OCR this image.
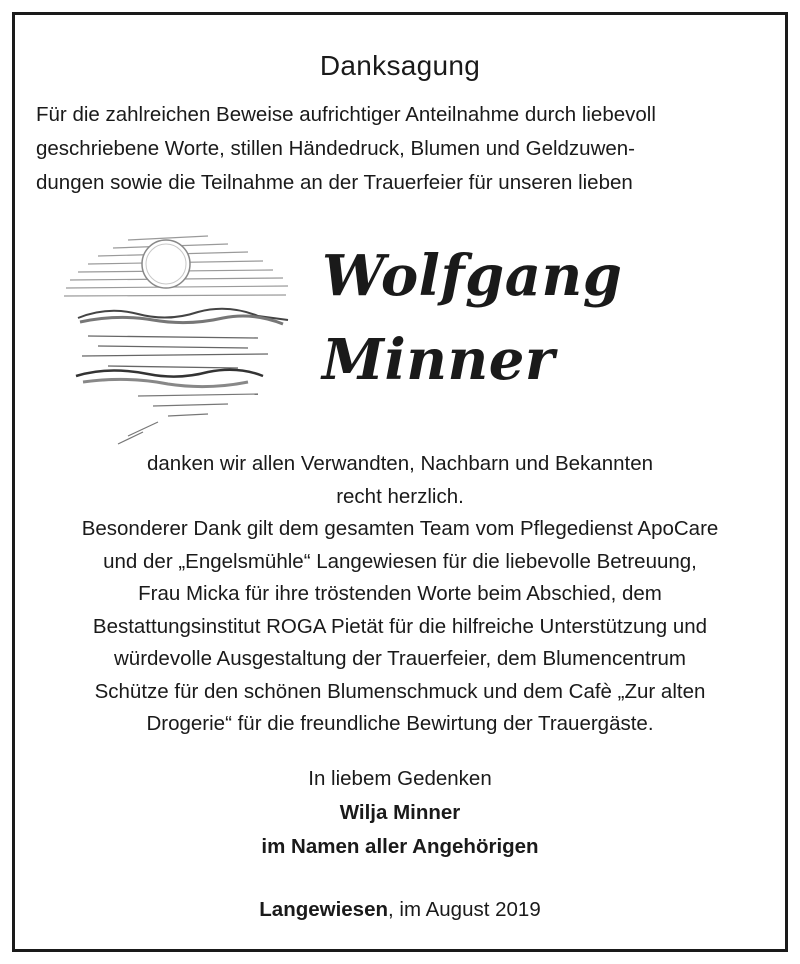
Danksagung
Für die zahlreichen Beweise aufrichtiger Anteilnahme durch liebevoll
geschriebene Worte, stillen Händedruck, Blumen und Geldzuwen-
dungen sowie die Teilnahme an der Trauerfeier für unseren lieben
Wolfgang
Minner
danken wir allen Verwandten, Nachbarn und Bekannten
recht herzlich.
Besonderer Dank gilt dem gesamten Team vom Pflegedienst ApoCare
und der „Engelsmühle“ Langewiesen für die liebevolle Betreuung,
Frau Micka für ihre tröstenden Worte beim Abschied, dem
Bestattungsinstitut ROGA Pietät für die hilfreiche Unterstützung und
würdevolle Ausgestaltung der Trauerfeier, dem Blumencentrum
Schütze für den schönen Blumenschmuck und dem Cafè „Zur alten
Drogerie“ für die freundliche Bewirtung der Trauergäste.
In liebem Gedenken
Wilja Minner
im Namen aller Angehörigen
Langewiesen, im August 2019
